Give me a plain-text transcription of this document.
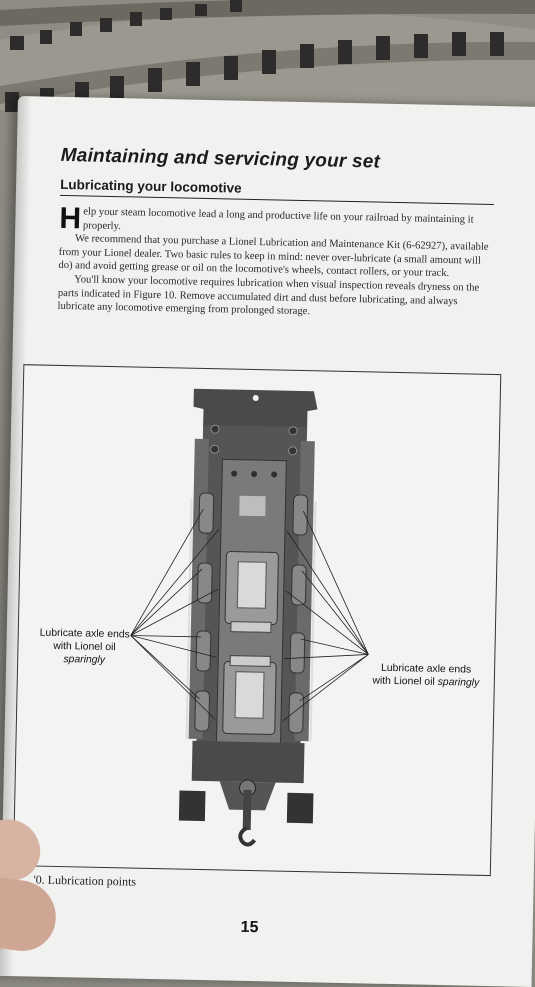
Maintaining and servicing your set
Lubricating your locomotive

Help your steam locomotive lead a long and productive life on your railroad by maintaining it properly.

We recommend that you purchase a Lionel Lubrication and Maintenance Kit (6-62927), available from your Lionel dealer. Two basic rules to keep in mind: never over-lubricate (a small amount will do) and avoid getting grease or oil on the locomotive's wheels, contact rollers, or your track.

You'll know your locomotive requires lubrication when visual inspection reveals dryness on the parts indicated in Figure 10. Remove accumulated dirt and dust before lubricating, and always lubricate any locomotive emerging from prolonged storage.

Lubricate axle ends
with Lionel oil
sparingly
Lubricate axle ends
with Lionel oil sparingly
'0. Lubrication points
15
